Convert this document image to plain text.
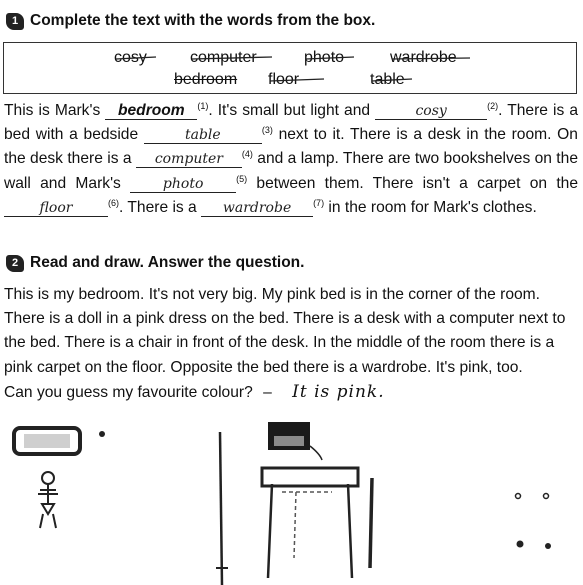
1 Complete the text with the words from the box.
cosy	computer	photo	wardrobe
bedroom floor	table
This is Mark's bedroom $^{(1)}$. It's small but light and	cosy	$^{(2)}$. There is a bed with a bedside	table	$^{(3)}$ next to it. There is a desk in the room. On the desk there is a computer $^{(4)}$ and a lamp. There are two bookshelves on the wall and Mark's	photo	$^{(5)}$ between them. There isn't a carpet on the floor	$^{(6)}$. There is a wardrobe $^{(7)}$ in the room for Mark's clothes.
2 Read and draw. Answer the question.
This is my bedroom. It's not very big. My pink bed is in the corner of the room. There is a doll in a pink dress on the bed. There is a desk with a computer next to the bed. There is a chair in front of the desk. In the middle of the room there is a pink carpet on the floor. Opposite the bed there is a wardrobe. It's pink, too.
Can you guess my favourite colour? – It is pink.
